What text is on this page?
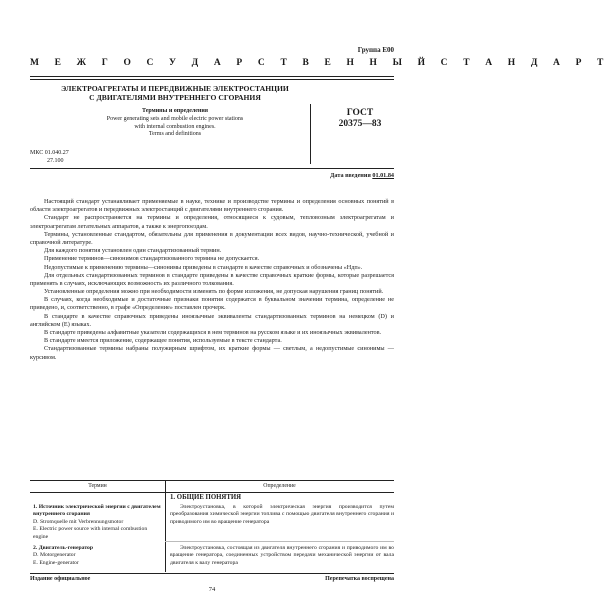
Группа Е00
М Е Ж Г О С У Д А Р С Т В Е Н Н Ы Й С Т А Н Д А Р Т
ЭЛЕКТРОАГРЕГАТЫ И ПЕРЕДВИЖНЫЕ ЭЛЕКТРОСТАНЦИИ
С ДВИГАТЕЛЯМИ ВНУТРЕННЕГО СГОРАНИЯ
Термины и определения
Power generating sets and mobile electric power stations
with internal combustion engines.
Terms and definitions
ГОСТ
20375—83
МКС 01.040.27
27.100
Дата введения 01.01.84

Настоящий стандарт устанавливает применяемые в науке, технике и производстве термины и определения основных понятий в области электроагрегатов и передвижных электростанций с двигателями внутреннего сгорания.

Стандарт не распространяется на термины и определения, относящиеся к судовым, тепловозным электроагрегатам и электроагрегатам летательных аппаратов, а также к энергопоездам.

Термины, установленные стандартом, обязательны для применения в документации всех видов, научно-технической, учебной и справочной литературе.

Для каждого понятия установлен один стандартизованный термин.

Применение терминов—синонимов стандартизованного термина не допускается.

Недопустимые к применению термины—синонимы приведены в стандарте в качестве справочных и обозначены «Ндп».

Для отдельных стандартизованных терминов в стандарте приведены в качестве справочных краткие формы, которые разрешается применять в случаях, исключающих возможность их различного толкования.

Установленные определения можно при необходимости изменять по форме изложения, не допуская нарушения границ понятий.

В случаях, когда необходимые и достаточные признаки понятия содержатся в буквальном значении термина, определение не приведено, и, соответственно, в графе «Определение» поставлен прочерк.

В стандарте в качестве справочных приведены иноязычные эквиваленты стандартизованных терминов на немецком (D) и английском (E) языках.

В стандарте приведены алфавитные указатели содержащихся в нем терминов на русском языке и их иноязычных эквивалентов.

В стандарте имеется приложение, содержащее понятия, используемые в тексте стандарта.

Стандартизованные термины набраны полужирным шрифтом, их краткие формы — светлым, а недопустимые синонимы — курсивом.

Термин	Определение
1. ОБЩИЕ ПОНЯТИЯ
1. Источник электрической энергии с двигателем внутреннего сгорания
D. Stromquelle mit Verbrennungsmotor
E. Electric power source with internal combustion engine
Электроустановка, в которой электрическая энергия производится путем преобразования химической энергии топлива с помощью двигателя внутреннего сгорания и приводимого им во вращение генератора
2. Двигатель-генератор
D. Motorgenerator
E. Engine-generator
Электроустановка, состоящая из двигателя внутреннего сгорания и приводимого им во вращение генератора, соединенных устройством передачи механической энергии от вала двигателя к валу генератора
Издание официальное
74
Перепечатка воспрещена
